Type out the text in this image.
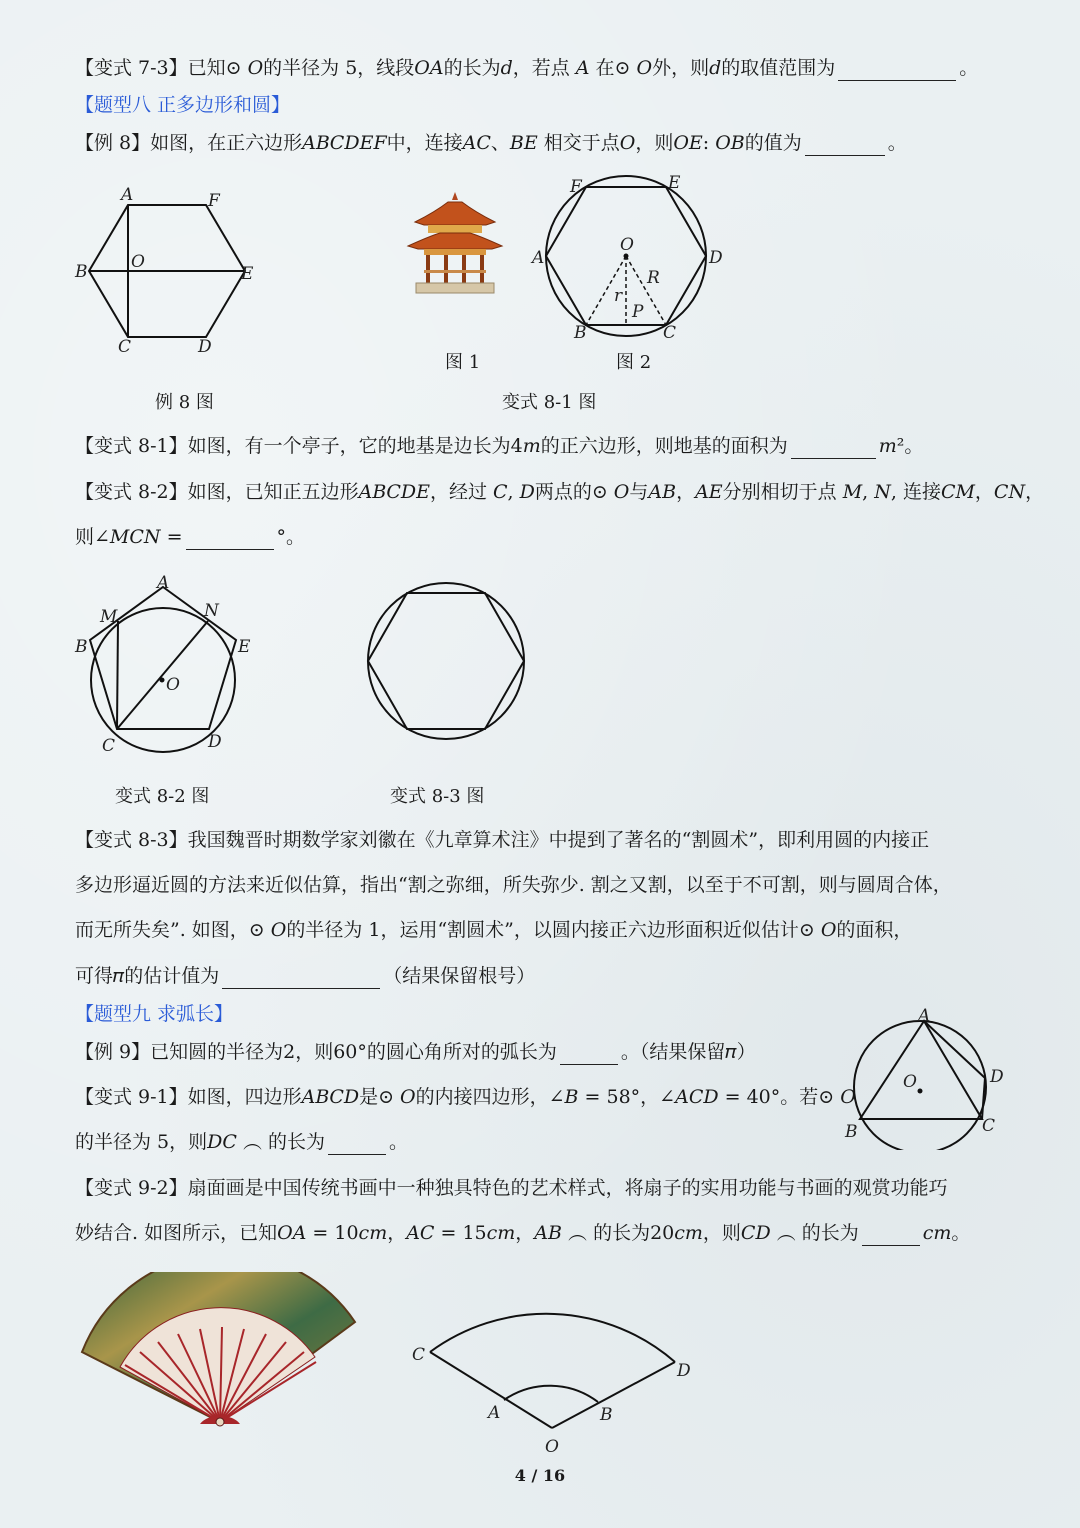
【变式 7-3】已知⊙ 𝑂的半径为 5，线段𝑂𝐴的长为𝑑，若点 𝐴 在⊙ 𝑂外，则𝑑的取值范围为	。
【题型八 正多边形和圆】
【例 8】如图，在正六边形𝐴𝐵𝐶𝐷𝐸𝐹中，连接𝐴𝐶、𝐵𝐸 相交于点𝑂，则𝑂𝐸: 𝑂𝐵的值为	。
A	F
B	O
E
C	D
图 1
F	E
A
O
D
R
r
P
B	C
图 2
例 8 图	变式 8-1 图
【变式 8-1】如图，有一个亭子，它的地基是边长为4𝑚的正六边形，则地基的面积为	𝑚²。
【变式 8-2】如图，已知正五边形𝐴𝐵𝐶𝐷𝐸，经过 𝐶, 𝐷两点的⊙ 𝑂与𝐴𝐵，𝐴𝐸分别相切于点 𝑀, 𝑁, 连接𝐶𝑀，𝐶𝑁，
则∠𝑀𝐶𝑁 =	°。
A
M	N
B	E
O
C	D
变式 8-2 图	变式 8-3 图
【变式 8-3】我国魏晋时期数学家刘徽在《九章算术注》中提到了著名的“割圆术”，即利用圆的内接正
多边形逼近圆的方法来近似估算，指出“割之弥细，所失弥少. 割之又割，以至于不可割，则与圆周合体，
而无所失矣”. 如图，⊙ 𝑂的半径为 1，运用“割圆术”，以圆内接正六边形面积近似估计⊙ 𝑂的面积，
可得𝜋的估计值为	（结果保留根号）
【题型九 求弧长】
【例 9】已知圆的半径为2，则60°的圆心角所对的弧长为	。（结果保留𝜋）
【变式 9-1】如图，四边形𝐴𝐵𝐶𝐷是⊙ 𝑂的内接四边形，∠𝐵 = 58°，∠𝐴𝐶𝐷 = 40°。若⊙ 𝑂
的半径为 5，则𝐷𝐶 ︵ 的长为	。
A
O	D
B	C
【变式 9-2】扇面画是中国传统书画中一种独具特色的艺术样式，将扇子的实用功能与书画的观赏功能巧
妙结合. 如图所示，已知𝑂𝐴 = 10𝑐𝑚，𝐴𝐶 = 15𝑐𝑚，𝐴𝐵 ︵ 的长为20𝑐𝑚，则𝐶𝐷 ︵ 的长为	𝑐𝑚。
C
D
A	B
O
4 / 16
